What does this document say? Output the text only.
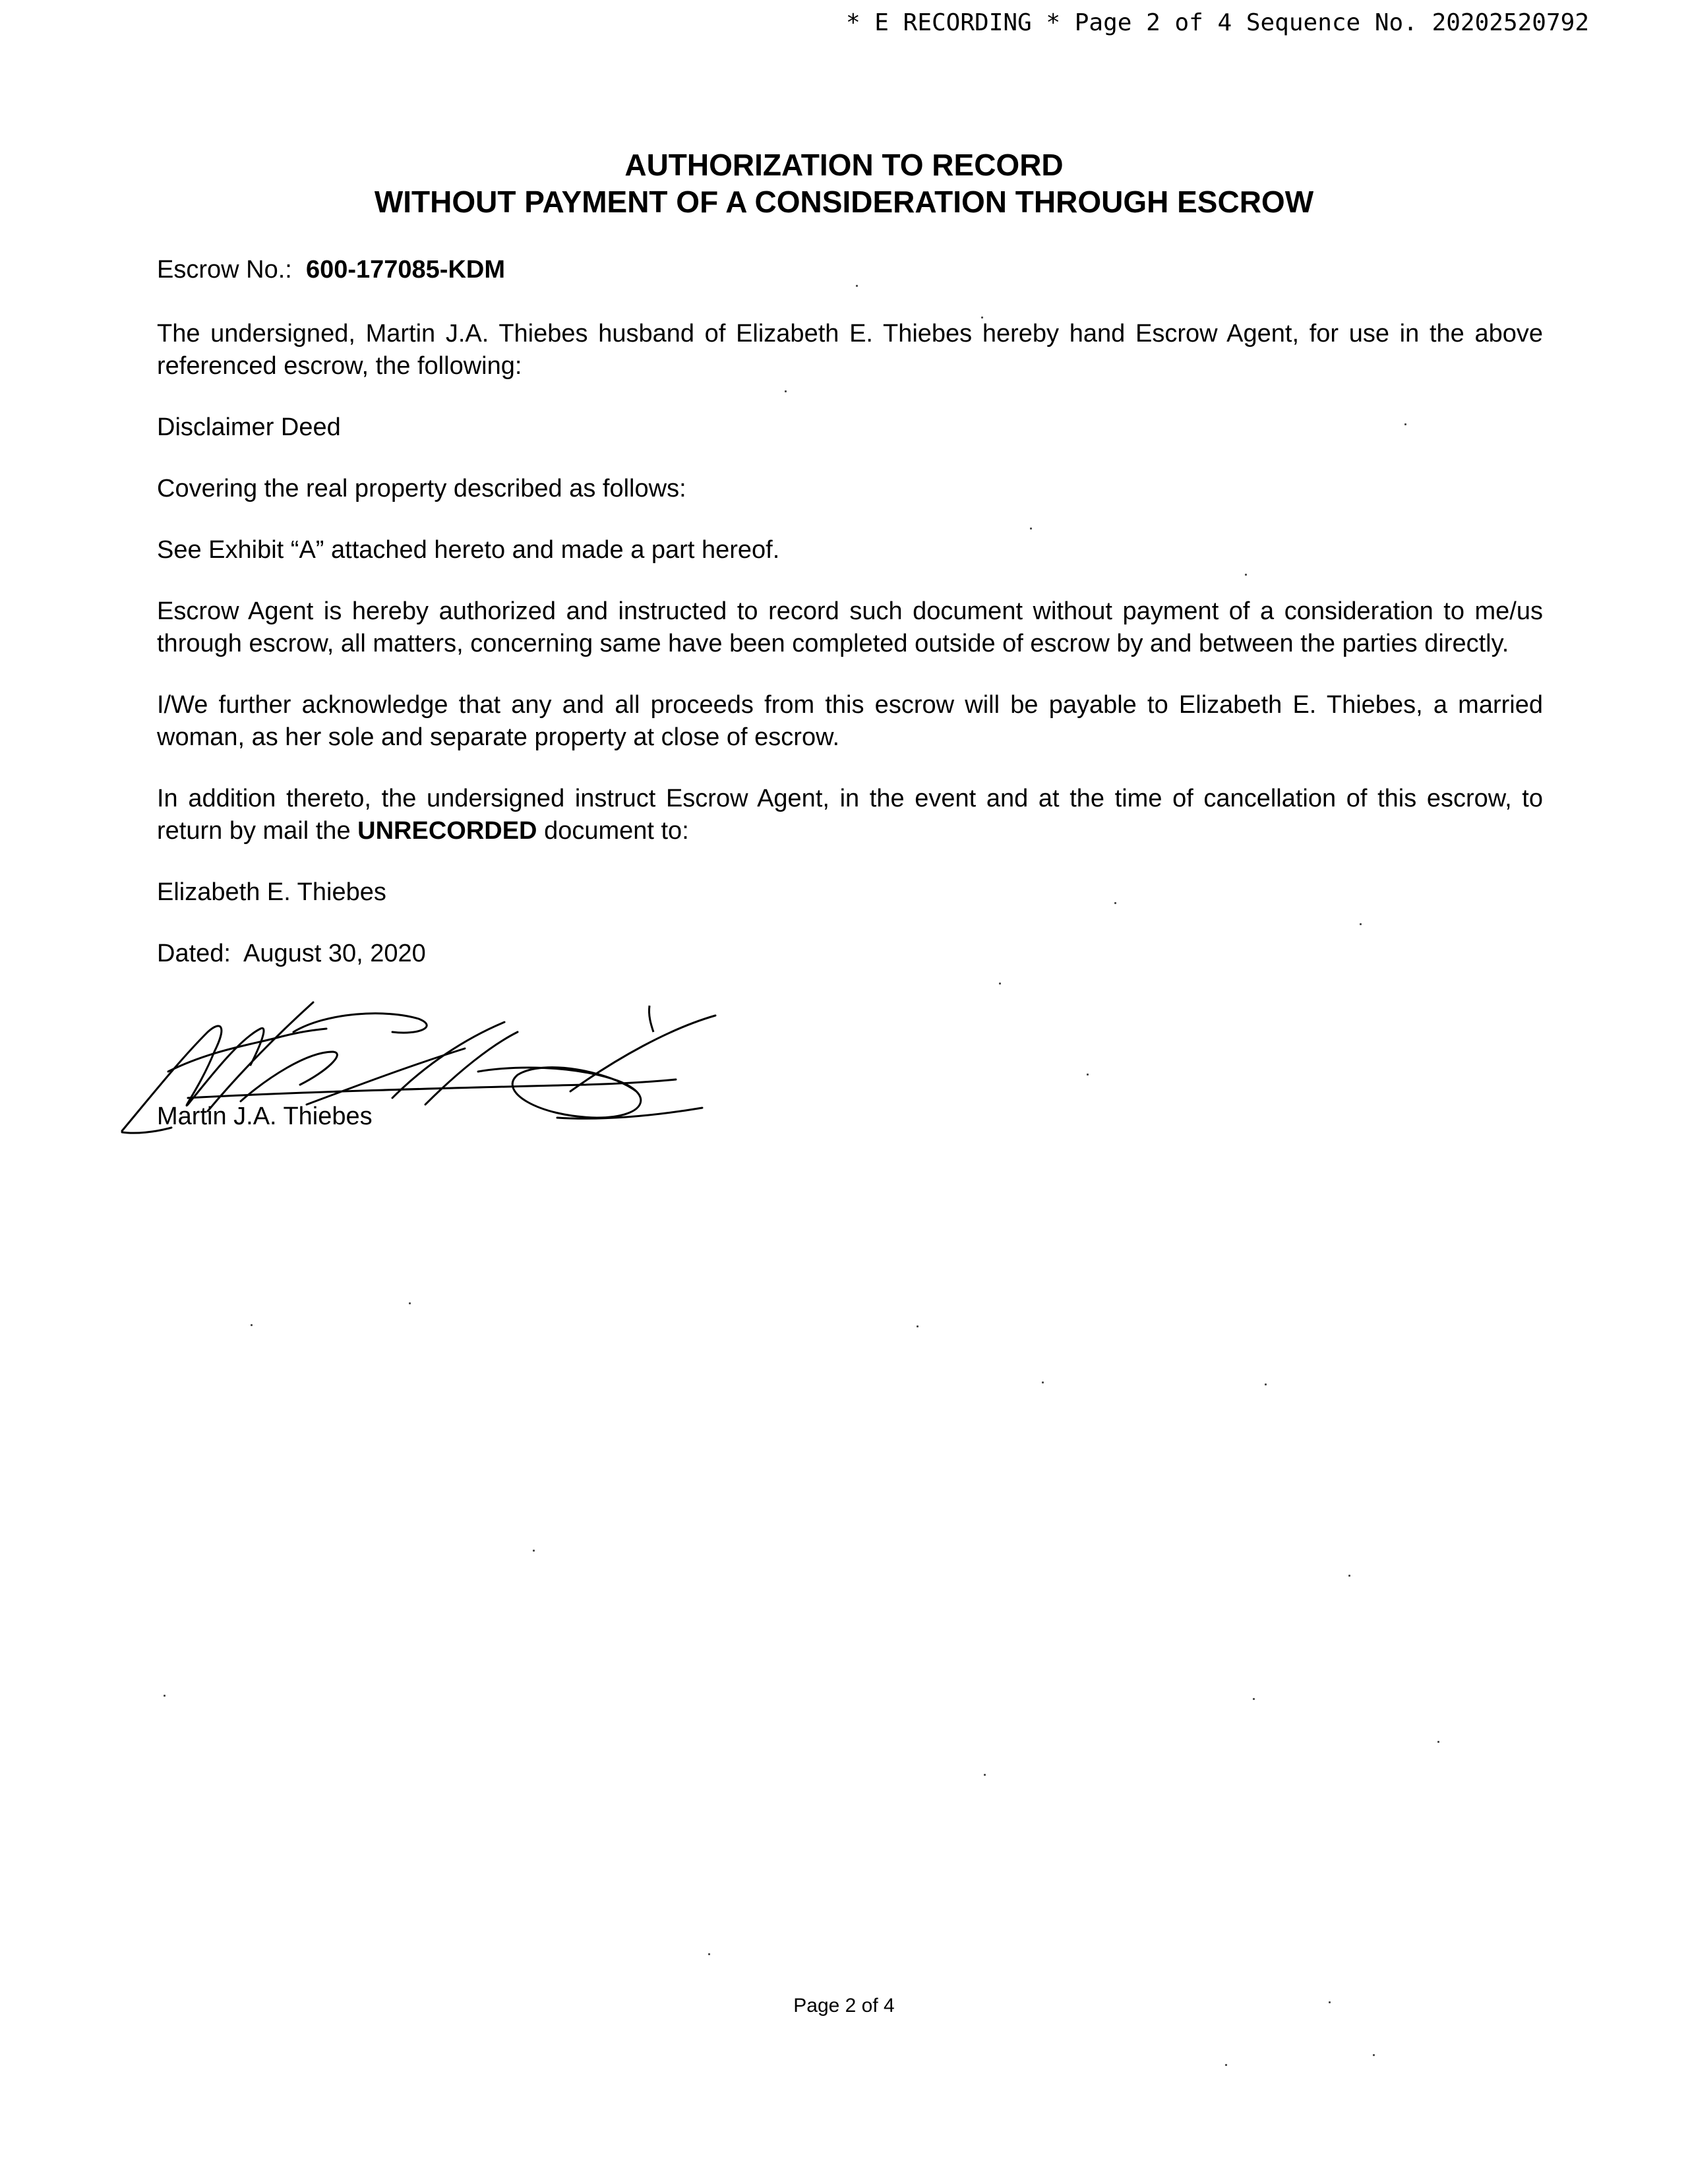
* E RECORDING * Page 2 of 4 Sequence No. 20202520792
AUTHORIZATION TO RECORD
WITHOUT PAYMENT OF A CONSIDERATION THROUGH ESCROW

Escrow No.: 600-177085-KDM

The undersigned, Martin J.A. Thiebes husband of Elizabeth E. Thiebes hereby hand Escrow Agent, for use in the above referenced escrow, the following:

Disclaimer Deed

Covering the real property described as follows:

See Exhibit “A” attached hereto and made a part hereof.

Escrow Agent is hereby authorized and instructed to record such document without payment of a consideration to me/us through escrow, all matters, concerning same have been completed outside of escrow by and between the parties directly.

I/We further acknowledge that any and all proceeds from this escrow will be payable to Elizabeth E. Thiebes, a married woman, as her sole and separate property at close of escrow.

In addition thereto, the undersigned instruct Escrow Agent, in the event and at the time of cancellation of this escrow, to return by mail the UNRECORDED document to:

Elizabeth E. Thiebes

Dated: August 30, 2020

Martin J.A. Thiebes
Page 2 of 4
